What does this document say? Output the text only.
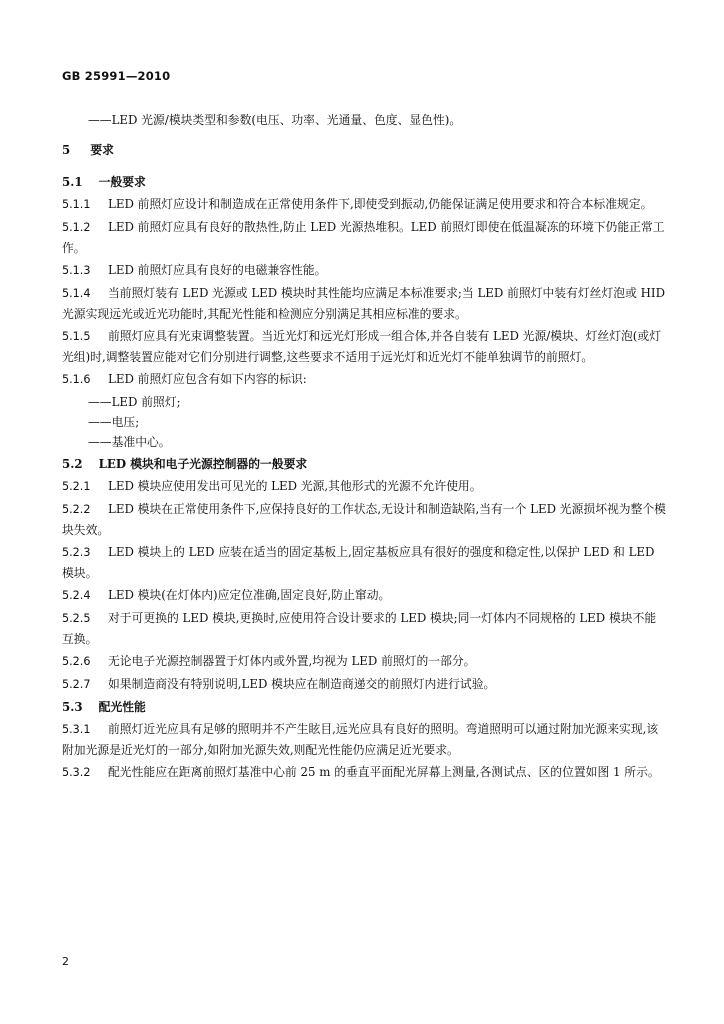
GB 25991—2010

——LED 光源/模块类型和参数(电压、功率、光通量、色度、显色性)。

5 要求
5.1 一般要求
5.1.1 LED 前照灯应设计和制造成在正常使用条件下,即使受到振动,仍能保证满足使用要求和符合本标准规定。
5.1.2 LED 前照灯应具有良好的散热性,防止 LED 光源热堆积。LED 前照灯即使在低温凝冻的环境下仍能正常工作。
5.1.3 LED 前照灯应具有良好的电磁兼容性能。
5.1.4 当前照灯装有 LED 光源或 LED 模块时其性能均应满足本标准要求;当 LED 前照灯中装有灯丝灯泡或 HID 光源实现远光或近光功能时,其配光性能和检测应分别满足其相应标准的要求。
5.1.5 前照灯应具有光束调整装置。当近光灯和远光灯形成一组合体,并各自装有 LED 光源/模块、灯丝灯泡(或灯光组)时,调整装置应能对它们分别进行调整,这些要求不适用于远光灯和近光灯不能单独调节的前照灯。
5.1.6 LED 前照灯应包含有如下内容的标识:

——LED 前照灯;

——电压;

——基准中心。

5.2 LED 模块和电子光源控制器的一般要求
5.2.1 LED 模块应使用发出可见光的 LED 光源,其他形式的光源不允许使用。
5.2.2 LED 模块在正常使用条件下,应保持良好的工作状态,无设计和制造缺陷,当有一个 LED 光源损坏视为整个模块失效。
5.2.3 LED 模块上的 LED 应装在适当的固定基板上,固定基板应具有很好的强度和稳定性,以保护 LED 和 LED 模块。
5.2.4 LED 模块(在灯体内)应定位准确,固定良好,防止窜动。
5.2.5 对于可更换的 LED 模块,更换时,应使用符合设计要求的 LED 模块;同一灯体内不同规格的 LED 模块不能互换。
5.2.6 无论电子光源控制器置于灯体内或外置,均视为 LED 前照灯的一部分。
5.2.7 如果制造商没有特别说明,LED 模块应在制造商递交的前照灯内进行试验。
5.3 配光性能
5.3.1 前照灯近光应具有足够的照明并不产生眩目,远光应具有良好的照明。弯道照明可以通过附加光源来实现,该附加光源是近光灯的一部分,如附加光源失效,则配光性能仍应满足近光要求。
5.3.2 配光性能应在距离前照灯基准中心前 25 m 的垂直平面配光屏幕上测量,各测试点、区的位置如图 1 所示。
2
